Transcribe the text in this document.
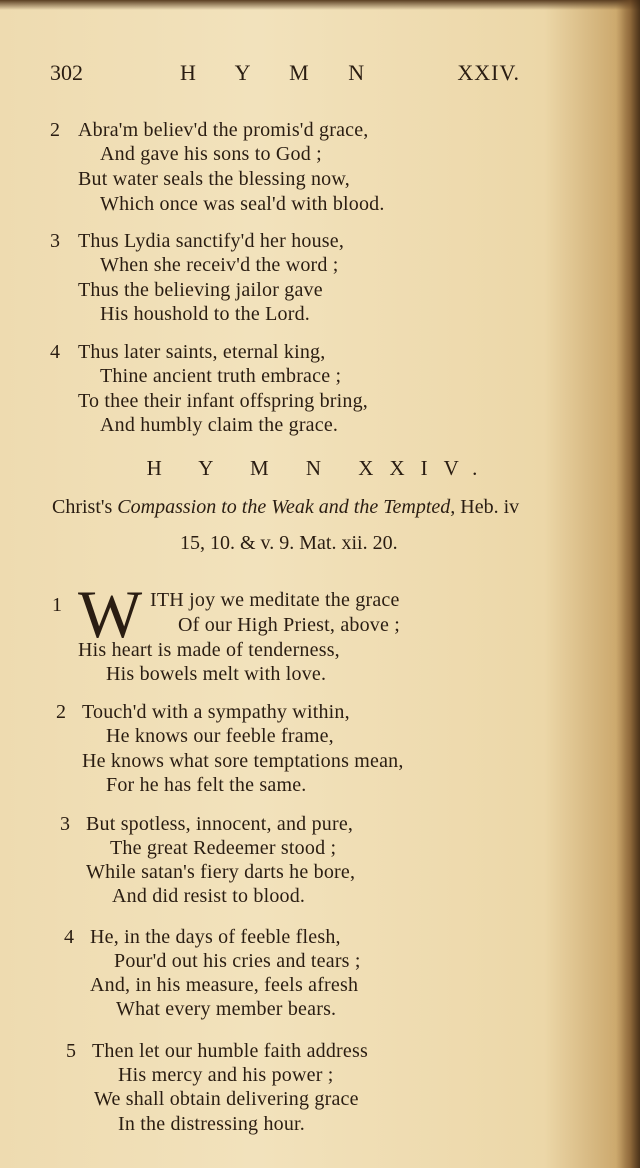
302	H Y M N	XXIV.
2 Abra'm believ'd the promis'd grace,
And gave his sons to God ;
But water seals the blessing now,
Which once was seal'd with blood.
3 Thus Lydia sanctify'd her house,
When she receiv'd the word ;
Thus the believing jailor gave
His houshold to the Lord.
4 Thus later saints, eternal king,
Thine ancient truth embrace ;
To thee their infant offspring bring,
And humbly claim the grace.
H Y M N XXIV.
Christ's Compassion to the Weak and the Tempted, Heb. iv
15, 10. & v. 9. Mat. xii. 20.
1 W ITH joy we meditate the grace
Of our High Priest, above ;
His heart is made of tenderness,
His bowels melt with love.
2 Touch'd with a sympathy within,
He knows our feeble frame,
He knows what sore temptations mean,
For he has felt the same.
3 But spotless, innocent, and pure,
The great Redeemer stood ;
While satan's fiery darts he bore,
And did resist to blood.
4 He, in the days of feeble flesh,
Pour'd out his cries and tears ;
And, in his measure, feels afresh
What every member bears.
5 Then let our humble faith address
His mercy and his power ;
We shall obtain delivering grace
In the distressing hour.
